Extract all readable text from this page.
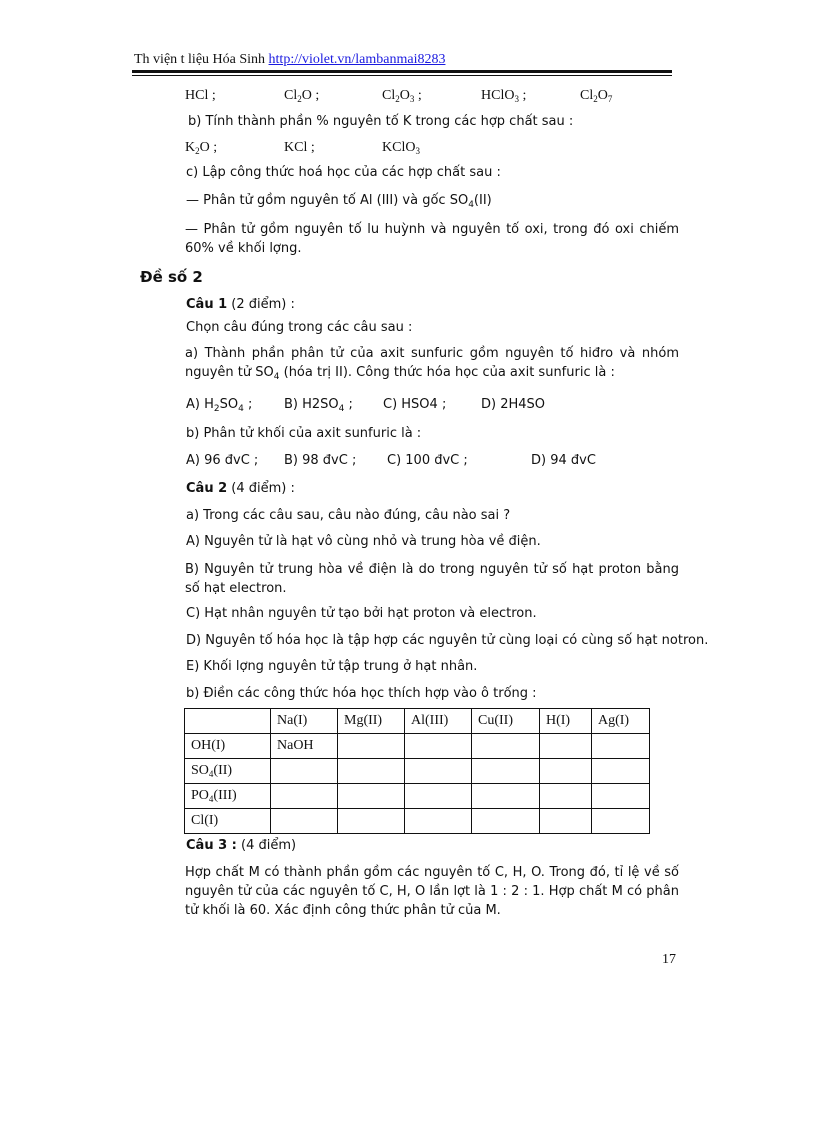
Th viện t liệu Hóa Sinh http://violet.vn/lambanmai8283
HCl ;	$Cl_2O$ ;	$Cl_2O_3$ ;	HClO$_3$ ;	$Cl_2O_7$
b) Tính thành phần % nguyên tố K trong các hợp chất sau :
$K_2O$ ;	KCl ;	KClO$_3$
c) Lập công thức hoá học của các hợp chất sau :
— Phân tử gồm nguyên tố Al (III) và gốc $SO_4(II)$
— Phân tử gồm nguyên tố lu huỳnh và nguyên tố oxi, trong đó oxi chiếm 60% về khối lợng.
Đề số 2
Câu 1 (2 điểm) :
Chọn câu đúng trong các câu sau :
a) Thành phần phân tử của axit sunfuric gồm nguyên tố hiđro và nhóm nguyên tử $SO_4$ (hóa trị II). Công thức hóa học của axit sunfuric là :
A) $H_2SO_4$ ; B) $H2SO_4$ ; C) HSO4 ;	D) 2H4SO
b) Phân tử khối của axit sunfuric là :
A) 96 đvC ; B) 98 đvC ; C) 100 đvC ;	D) 94 đvC
Câu 2 (4 điểm) :
a) Trong các câu sau, câu nào đúng, câu nào sai ?
A) Nguyên tử là hạt vô cùng nhỏ và trung hòa về điện.
B) Nguyên tử trung hòa về điện là do trong nguyên tử số hạt proton bằng số hạt electron.
C) Hạt nhân nguyên tử tạo bởi hạt proton và electron.
D) Nguyên tố hóa học là tập hợp các nguyên tử cùng loại có cùng số hạt notron.
E) Khối lợng nguyên tử tập trung ở hạt nhân.
b) Điền các công thức hóa học thích hợp vào ô trống :
	Na(I)	Mg(II)	Al(III)	Cu(II)	H(I)	Ag(I)
OH(I)	NaOH					
$SO_4(II)$						
$PO_4(III)$						
Cl(I)						
Câu 3 : (4 điểm)
Hợp chất M có thành phần gồm các nguyên tố C, H, O. Trong đó, tỉ lệ về số nguyên tử của các nguyên tố C, H, O lần lợt là 1 : 2 : 1. Hợp chất M có phân tử khối là 60. Xác định công thức phân tử của M.
17
